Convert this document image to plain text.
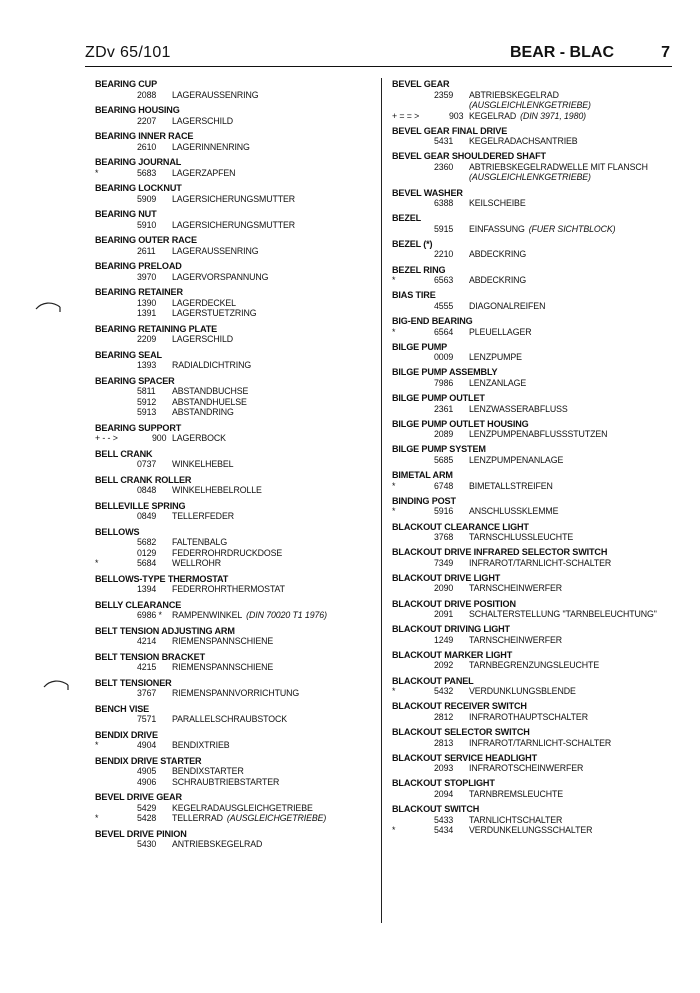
ZDv 65/101	BEAR - BLAC	7
BEARING CUP
2088 LAGERAUSSENRING
BEARING HOUSING
2207 LAGERSCHILD
BEARING INNER RACE
2610 LAGERINNENRING
BEARING JOURNAL
*	5683 LAGERZAPFEN
BEARING LOCKNUT
5909 LAGERSICHERUNGSMUTTER
BEARING NUT
5910 LAGERSICHERUNGSMUTTER
BEARING OUTER RACE
2611 LAGERAUSSENRING
BEARING PRELOAD
3970 LAGERVORSPANNUNG
BEARING RETAINER
1390 LAGERDECKEL
1391 LAGERSTUETZRING
BEARING RETAINING PLATE
2209 LAGERSCHILD
BEARING SEAL
1393 RADIALDICHTRING
BEARING SPACER
5811 ABSTANDBUCHSE
5912 ABSTANDHUELSE
5913 ABSTANDRING
BEARING SUPPORT
+ - - >	900 LAGERBOCK
BELL CRANK
0737 WINKELHEBEL
BELL CRANK ROLLER
0848 WINKELHEBELROLLE
BELLEVILLE SPRING
0849 TELLERFEDER
BELLOWS
5682 FALTENBALG
0129 FEDERROHRDRUCKDOSE
*	5684 WELLROHR
BELLOWS-TYPE THERMOSTAT
1394 FEDERROHRTHERMOSTAT
BELLY CLEARANCE
6986 * RAMPENWINKEL (DIN 70020 T1 1976)
BELT TENSION ADJUSTING ARM
4214 RIEMENSPANNSCHIENE
BELT TENSION BRACKET
4215 RIEMENSPANNSCHIENE
BELT TENSIONER
3767 RIEMENSPANNVORRICHTUNG
BENCH VISE
7571 PARALLELSCHRAUBSTOCK
BENDIX DRIVE
*	4904 BENDIXTRIEB
BENDIX DRIVE STARTER
4905 BENDIXSTARTER
4906 SCHRAUBTRIEBSTARTER
BEVEL DRIVE GEAR
5429 KEGELRADAUSGLEICHGETRIEBE
*	5428 TELLERRAD (AUSGLEICHGETRIEBE)
BEVEL DRIVE PINION
5430 ANTRIEBSKEGELRAD
BEVEL GEAR
2359 ABTRIEBSKEGELRAD
(AUSGLEICHLENKGETRIEBE)
+ = = >	903 KEGELRAD (DIN 3971, 1980)
BEVEL GEAR FINAL DRIVE
5431 KEGELRADACHSANTRIEB
BEVEL GEAR SHOULDERED SHAFT
2360 ABTRIEBSKEGELRADWELLE MIT FLANSCH
(AUSGLEICHLENKGETRIEBE)
BEVEL WASHER
6388 KEILSCHEIBE
BEZEL
5915 EINFASSUNG (FUER SICHTBLOCK)
BEZEL (*)
2210 ABDECKRING
BEZEL RING
*	6563 ABDECKRING
BIAS TIRE
4555 DIAGONALREIFEN
BIG-END BEARING
*	6564 PLEUELLAGER
BILGE PUMP
0009 LENZPUMPE
BILGE PUMP ASSEMBLY
7986 LENZANLAGE
BILGE PUMP OUTLET
2361 LENZWASSERABFLUSS
BILGE PUMP OUTLET HOUSING
2089 LENZPUMPENABFLUSSSTUTZEN
BILGE PUMP SYSTEM
5685 LENZPUMPENANLAGE
BIMETAL ARM
*	6748 BIMETALLSTREIFEN
BINDING POST
*	5916 ANSCHLUSSKLEMME
BLACKOUT CLEARANCE LIGHT
3768 TARNSCHLUSSLEUCHTE
BLACKOUT DRIVE INFRARED SELECTOR SWITCH
7349 INFRAROT/TARNLICHT-SCHALTER
BLACKOUT DRIVE LIGHT
2090 TARNSCHEINWERFER
BLACKOUT DRIVE POSITION
2091 SCHALTERSTELLUNG "TARNBELEUCHTUNG"
BLACKOUT DRIVING LIGHT
1249 TARNSCHEINWERFER
BLACKOUT MARKER LIGHT
2092 TARNBEGRENZUNGSLEUCHTE
BLACKOUT PANEL
*	5432 VERDUNKLUNGSBLENDE
BLACKOUT RECEIVER SWITCH
2812 INFRAROTHAUPTSCHALTER
BLACKOUT SELECTOR SWITCH
2813 INFRAROT/TARNLICHT-SCHALTER
BLACKOUT SERVICE HEADLIGHT
2093 INFRAROTSCHEINWERFER
BLACKOUT STOPLIGHT
2094 TARNBREMSLEUCHTE
BLACKOUT SWITCH
5433 TARNLICHTSCHALTER
*	5434 VERDUNKELUNGSSCHALTER
